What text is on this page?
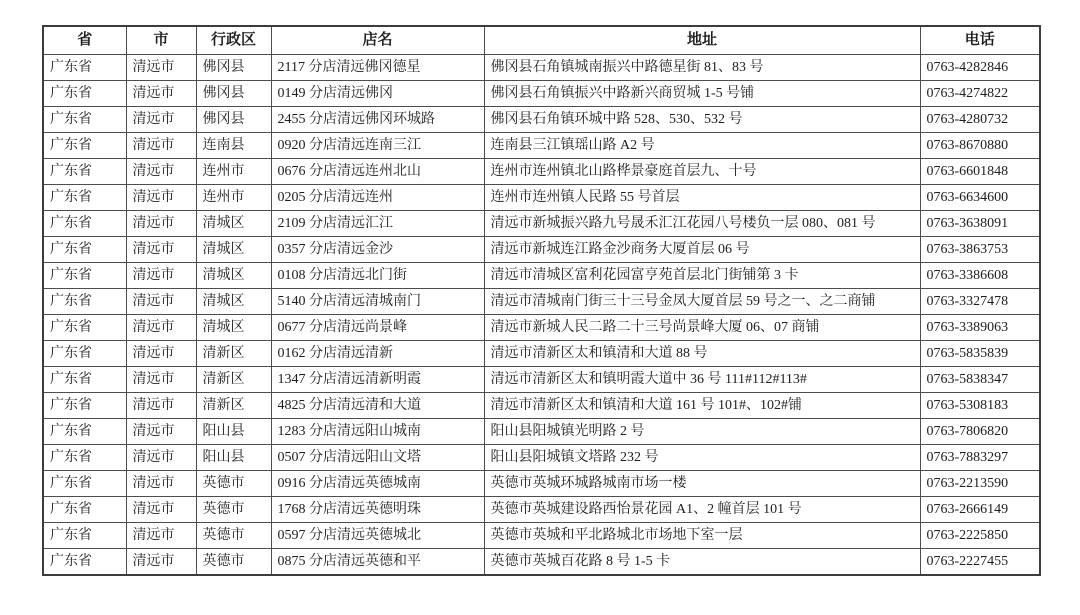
省	市	行政区	店名	地址	电话
广东省	清远市	佛冈县	2117 分店清远佛冈德星	佛冈县石角镇城南振兴中路德星街 81、83 号	0763-4282846
广东省	清远市	佛冈县	0149 分店清远佛冈	佛冈县石角镇振兴中路新兴商贸城 1-5 号铺	0763-4274822
广东省	清远市	佛冈县	2455 分店清远佛冈环城路	佛冈县石角镇环城中路 528、530、532 号	0763-4280732
广东省	清远市	连南县	0920 分店清远连南三江	连南县三江镇瑶山路 A2 号	0763-8670880
广东省	清远市	连州市	0676 分店清远连州北山	连州市连州镇北山路桦景豪庭首层九、十号	0763-6601848
广东省	清远市	连州市	0205 分店清远连州	连州市连州镇人民路 55 号首层	0763-6634600
广东省	清远市	清城区	2109 分店清远汇江	清远市新城振兴路九号晟禾汇江花园八号楼负一层 080、081 号	0763-3638091
广东省	清远市	清城区	0357 分店清远金沙	清远市新城连江路金沙商务大厦首层 06 号	0763-3863753
广东省	清远市	清城区	0108 分店清远北门街	清远市清城区富利花园富亨苑首层北门街铺第 3 卡	0763-3386608
广东省	清远市	清城区	5140 分店清远清城南门	清远市清城南门街三十三号金凤大厦首层 59 号之一、之二商铺	0763-3327478
广东省	清远市	清城区	0677 分店清远尚景峰	清远市新城人民二路二十三号尚景峰大厦 06、07 商铺	0763-3389063
广东省	清远市	清新区	0162 分店清远清新	清远市清新区太和镇清和大道 88 号	0763-5835839
广东省	清远市	清新区	1347 分店清远清新明霞	清远市清新区太和镇明霞大道中 36 号 111#112#113#	0763-5838347
广东省	清远市	清新区	4825 分店清远清和大道	清远市清新区太和镇清和大道 161 号 101#、102#铺	0763-5308183
广东省	清远市	阳山县	1283 分店清远阳山城南	阳山县阳城镇光明路 2 号	0763-7806820
广东省	清远市	阳山县	0507 分店清远阳山文塔	阳山县阳城镇文塔路 232 号	0763-7883297
广东省	清远市	英德市	0916 分店清远英德城南	英德市英城环城路城南市场一楼	0763-2213590
广东省	清远市	英德市	1768 分店清远英德明珠	英德市英城建设路西怡景花园 A1、2 幢首层 101 号	0763-2666149
广东省	清远市	英德市	0597 分店清远英德城北	英德市英城和平北路城北市场地下室一层	0763-2225850
广东省	清远市	英德市	0875 分店清远英德和平	英德市英城百花路 8 号 1-5 卡	0763-2227455
